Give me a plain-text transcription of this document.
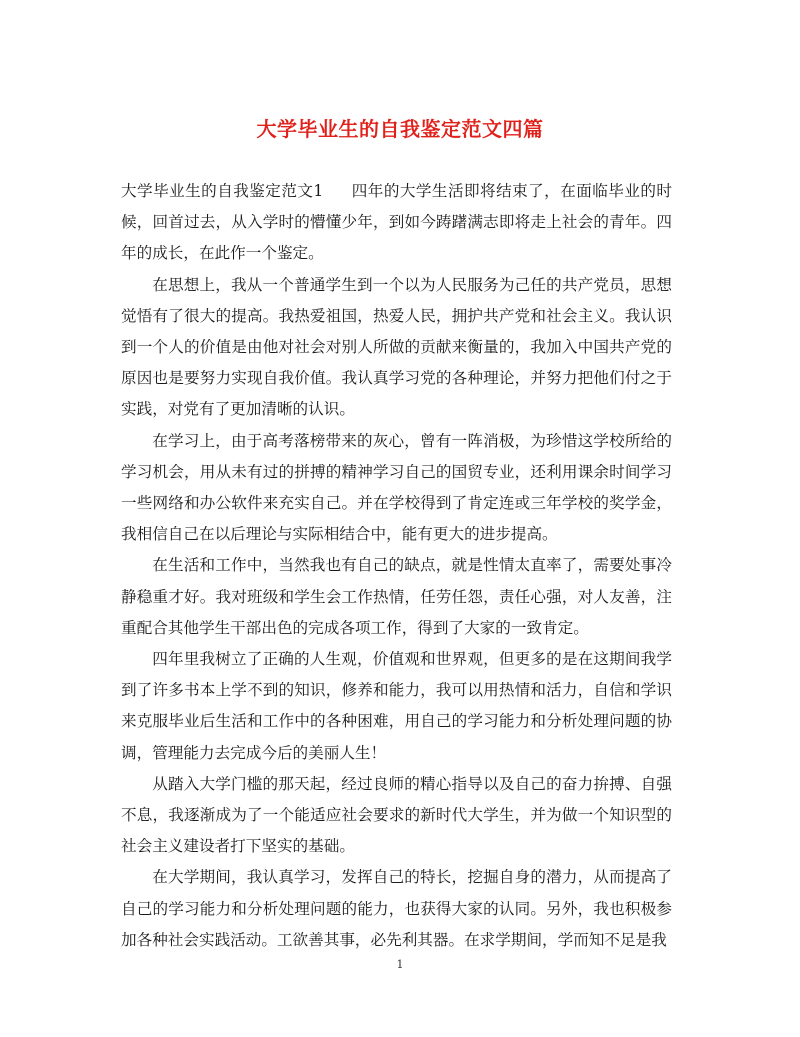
大学毕业生的自我鉴定范文四篇

大学毕业生的自我鉴定范文1 四年的大学生活即将结束了，在面临毕业的时候，回首过去，从入学时的懵懂少年，到如今踌躇满志即将走上社会的青年。四年的成长，在此作一个鉴定。

在思想上，我从一个普通学生到一个以为人民服务为己任的共产党员，思想觉悟有了很大的提高。我热爱祖国，热爱人民，拥护共产党和社会主义。我认识到一个人的价值是由他对社会对别人所做的贡献来衡量的，我加入中国共产党的原因也是要努力实现自我价值。我认真学习党的各种理论，并努力把他们付之于实践，对党有了更加清晰的认识。

在学习上，由于高考落榜带来的灰心，曾有一阵消极，为珍惜这学校所给的学习机会，用从未有过的拼搏的精神学习自己的国贸专业，还利用课余时间学习一些网络和办公软件来充实自己。并在学校得到了肯定连或三年学校的奖学金，我相信自己在以后理论与实际相结合中，能有更大的进步提高。

在生活和工作中，当然我也有自己的缺点，就是性情太直率了，需要处事冷静稳重才好。我对班级和学生会工作热情，任劳任怨，责任心强，对人友善，注重配合其他学生干部出色的完成各项工作，得到了大家的一致肯定。

四年里我树立了正确的人生观，价值观和世界观，但更多的是在这期间我学到了许多书本上学不到的知识，修养和能力，我可以用热情和活力，自信和学识来克服毕业后生活和工作中的各种困难，用自己的学习能力和分析处理问题的协调，管理能力去完成今后的美丽人生！

从踏入大学门槛的那天起，经过良师的精心指导以及自己的奋力拚搏、自强不息，我逐渐成为了一个能适应社会要求的新时代大学生，并为做一个知识型的社会主义建设者打下坚实的基础。

在大学期间，我认真学习，发挥自己的特长，挖掘自身的潜力，从而提高了自己的学习能力和分析处理问题的能力，也获得大家的认同。另外，我也积极参加各种社会实践活动。工欲善其事，必先利其器。在求学期间，学而知不足是我

1
